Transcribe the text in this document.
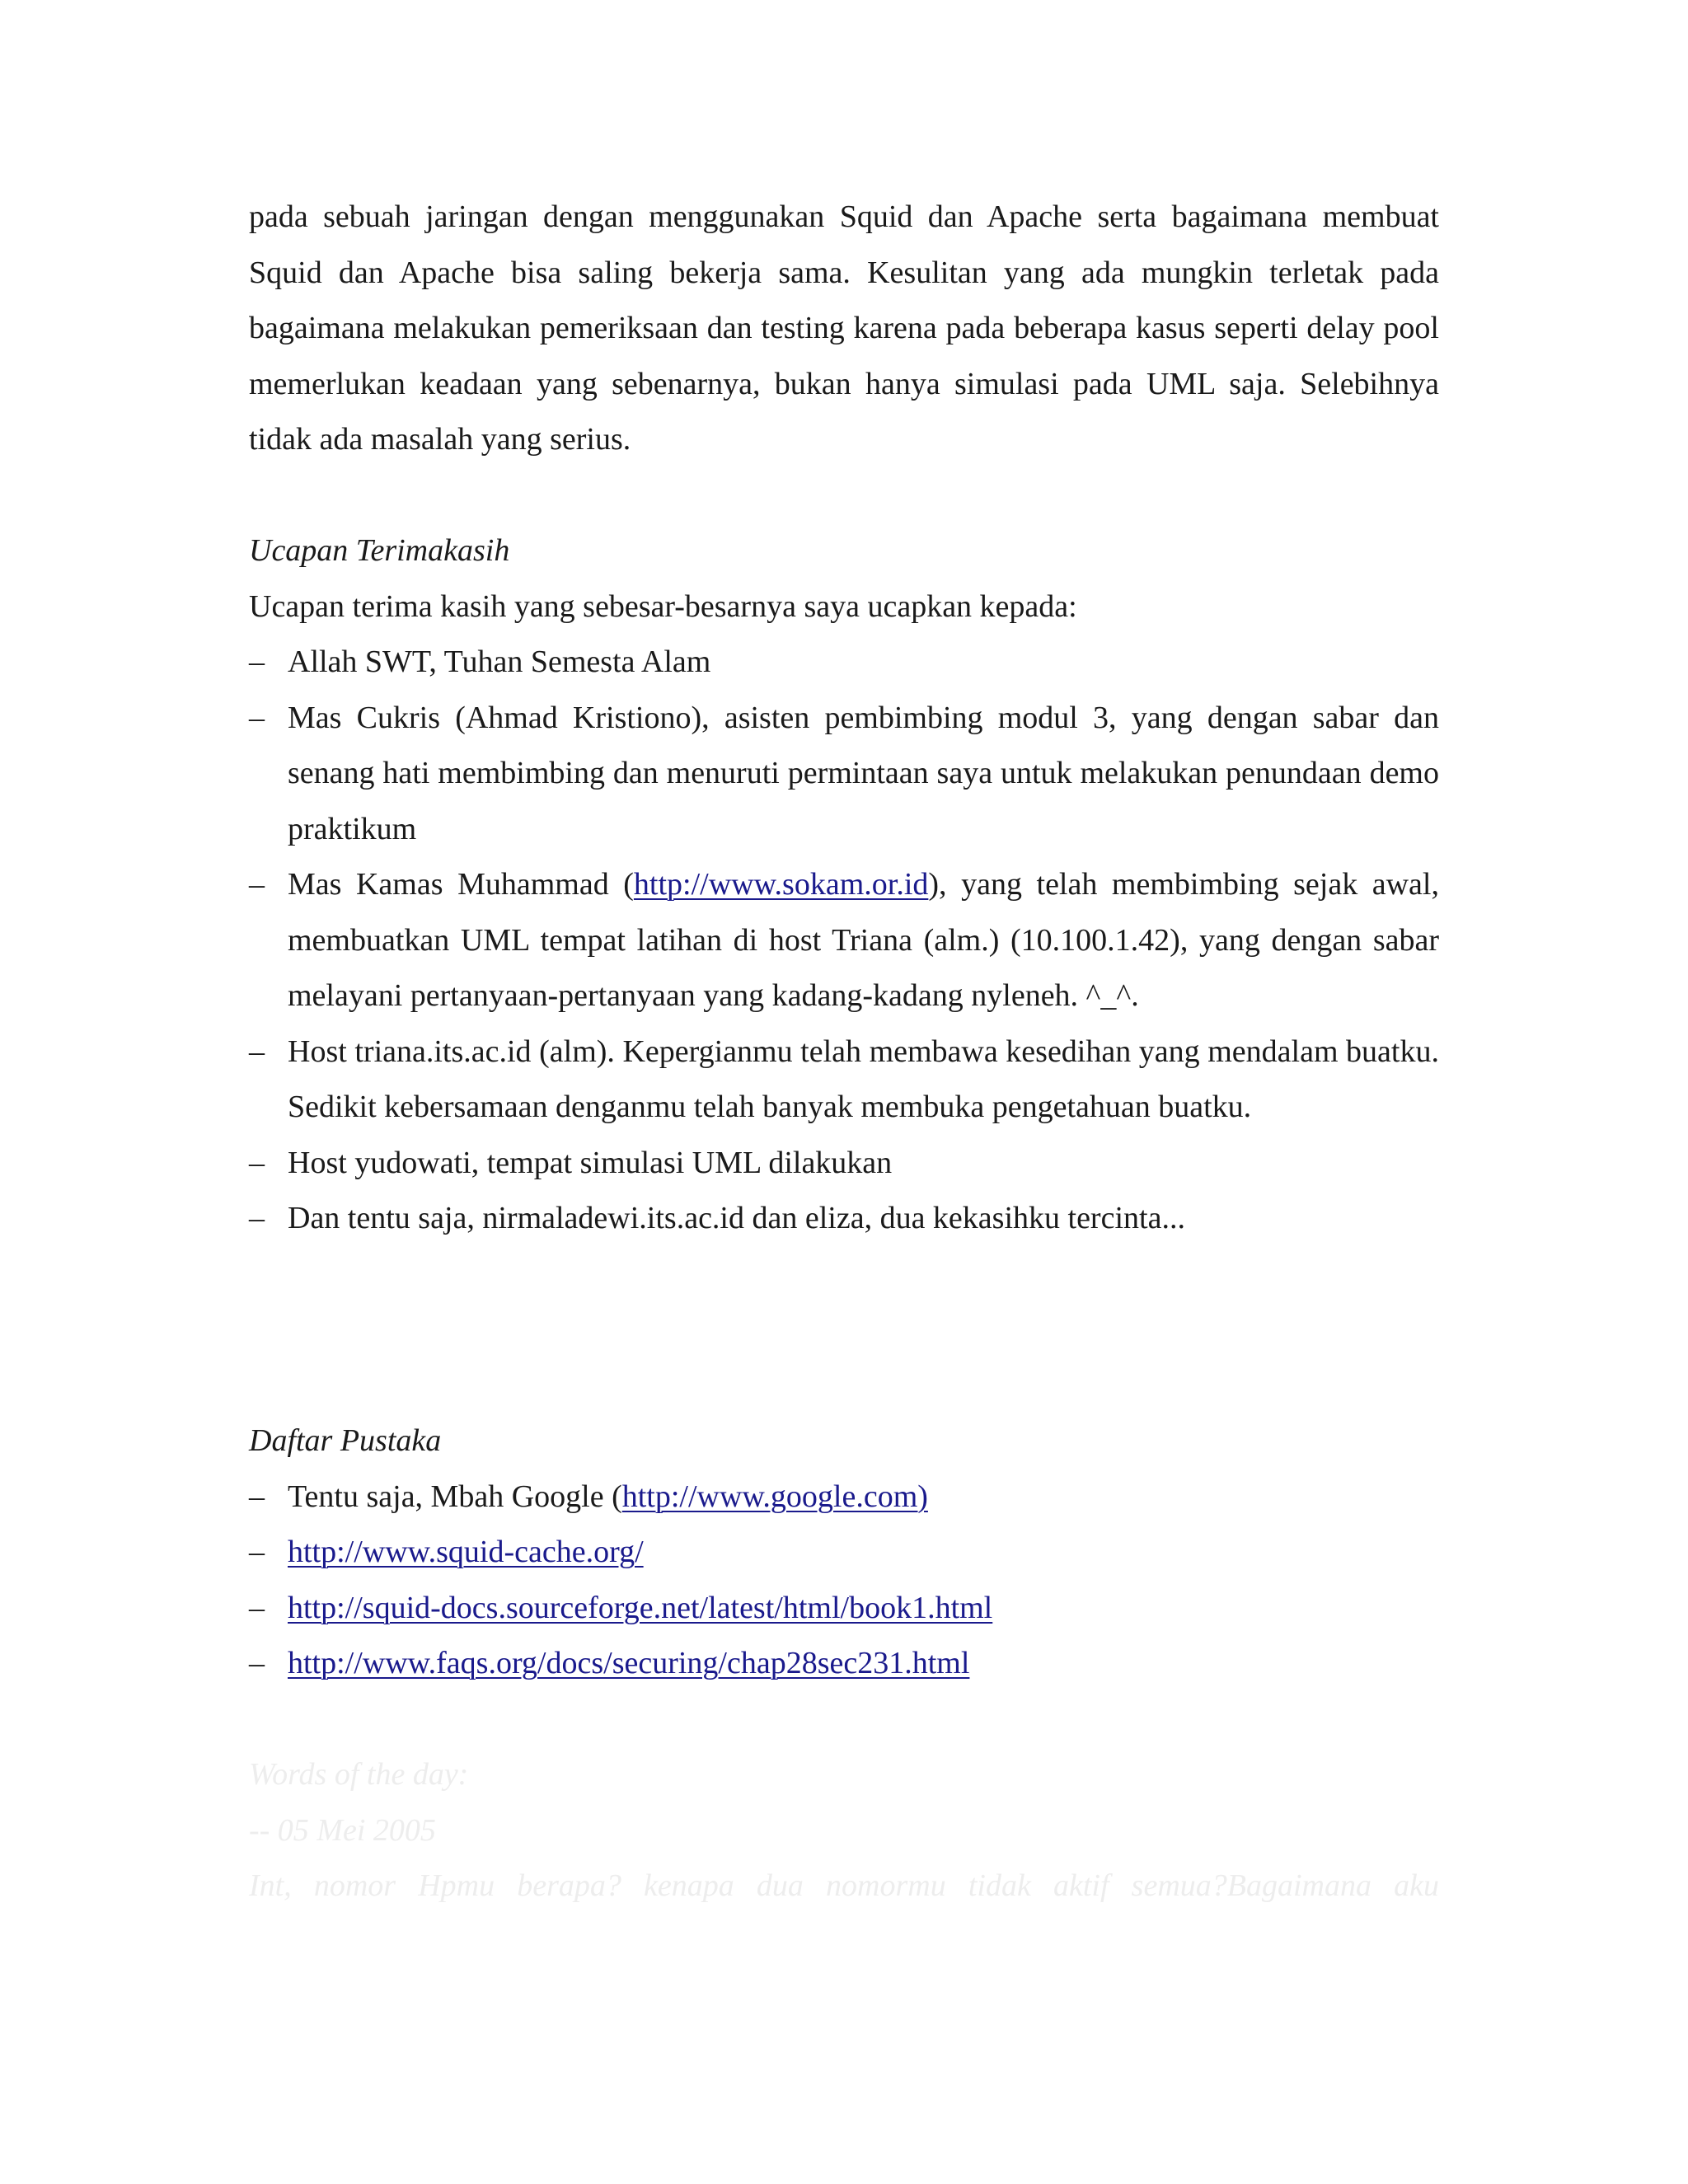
pada sebuah jaringan dengan menggunakan Squid dan Apache serta bagaimana membuat Squid dan Apache bisa saling bekerja sama. Kesulitan yang ada mungkin terletak pada bagaimana melakukan pemeriksaan dan testing karena pada beberapa kasus seperti delay pool memerlukan keadaan yang sebenarnya, bukan hanya simulasi pada UML saja. Selebihnya tidak ada masalah yang serius.

Ucapan Terimakasih

Ucapan terima kasih yang sebesar-besarnya saya ucapkan kepada:

– Allah SWT, Tuhan Semesta Alam
– Mas Cukris (Ahmad Kristiono), asisten pembimbing modul 3, yang dengan sabar dan senang hati membimbing dan menuruti permintaan saya untuk melakukan penundaan demo praktikum
– Mas Kamas Muhammad (http://www.sokam.or.id), yang telah membimbing sejak awal, membuatkan UML tempat latihan di host Triana (alm.) (10.100.1.42), yang dengan sabar melayani pertanyaan-pertanyaan yang kadang-kadang nyleneh. ^_^.
– Host triana.its.ac.id (alm). Kepergianmu telah membawa kesedihan yang mendalam buatku. Sedikit kebersamaan denganmu telah banyak membuka pengetahuan buatku.
– Host yudowati, tempat simulasi UML dilakukan
– Dan tentu saja, nirmaladewi.its.ac.id dan eliza, dua kekasihku tercinta...

Daftar Pustaka

– Tentu saja, Mbah Google (http://www.google.com)
– http://www.squid-cache.org/
– http://squid-docs.sourceforge.net/latest/html/book1.html
– http://www.faqs.org/docs/securing/chap28sec231.html

Words of the day:

-- 05 Mei 2005

Int, nomor Hpmu berapa? kenapa dua nomormu tidak aktif semua?Bagaimana aku
